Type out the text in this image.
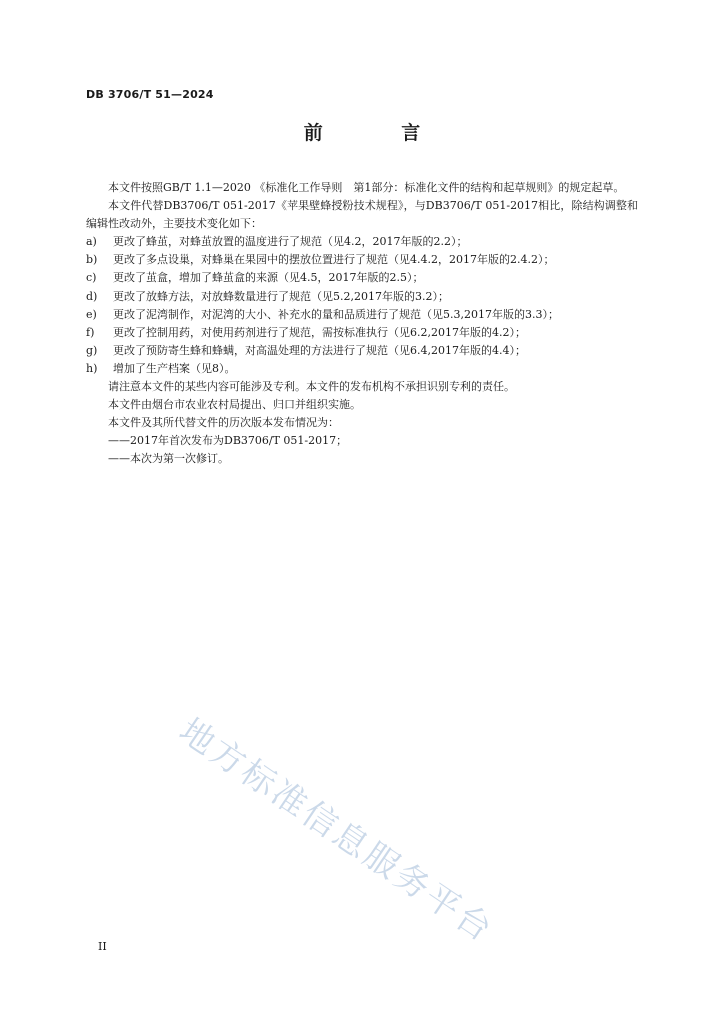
DB 3706/T 51—2024
前 言

本文件按照GB/T 1.1—2020 《标准化工作导则　第1部分：标准化文件的结构和起草规则》的规定起草。

本文件代替DB3706/T 051-2017《苹果壁蜂授粉技术规程》，与DB3706/T 051-2017相比，除结构调整和编辑性改动外，主要技术变化如下：

a)	更改了蜂茧，对蜂茧放置的温度进行了规范（见4.2，2017年版的2.2）；
b)	更改了多点设巢，对蜂巢在果园中的摆放位置进行了规范（见4.4.2，2017年版的2.4.2）；
c)	更改了茧盒，增加了蜂茧盒的来源（见4.5，2017年版的2.5）；
d)	更改了放蜂方法，对放蜂数量进行了规范（见5.2,2017年版的3.2）；
e)	更改了泥湾制作，对泥湾的大小、补充水的量和品质进行了规范（见5.3,2017年版的3.3）；
f)	更改了控制用药，对使用药剂进行了规范，需按标准执行（见6.2,2017年版的4.2）；
g)	更改了预防寄生蜂和蜂螨，对高温处理的方法进行了规范（见6.4,2017年版的4.4）；
h)	增加了生产档案（见8）。

请注意本文件的某些内容可能涉及专利。本文件的发布机构不承担识别专利的责任。

本文件由烟台市农业农村局提出、归口并组织实施。

本文件及其所代替文件的历次版本发布情况为：

——2017年首次发布为DB3706/T 051-2017；

——本次为第一次修订。

地方标准信息服务平台
II
